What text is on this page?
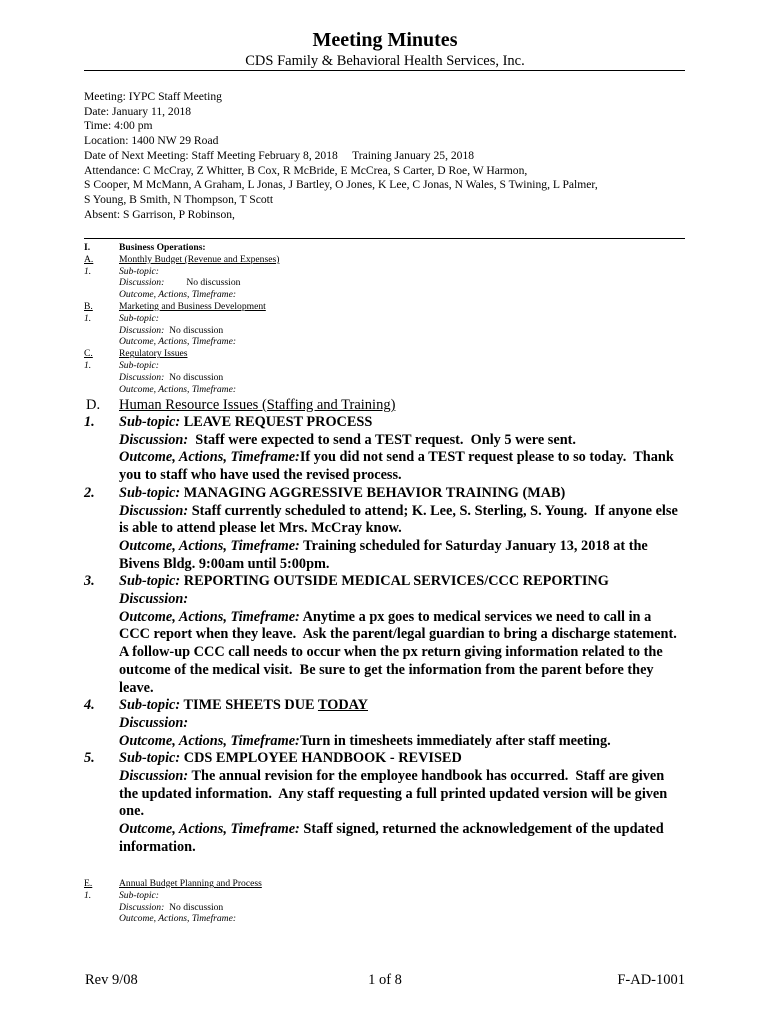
Meeting Minutes
CDS Family & Behavioral Health Services, Inc.
Meeting: IYPC Staff Meeting
Date: January 11, 2018
Time: 4:00 pm
Location: 1400 NW 29 Road
Date of Next Meeting: Staff Meeting February 8, 2018     Training January 25, 2018
Attendance: C McCray, Z Whitter, B Cox, R McBride, E McCrea, S Carter, D Roe, W Harmon,
S Cooper, M McMann, A Graham, L Jonas, J Bartley, O Jones, K Lee, C Jonas, N Wales, S Twining, L Palmer,
S Young, B Smith, N Thompson, T Scott
Absent: S Garrison, P Robinson,
I.	Business Operations:
A.	Monthly Budget (Revenue and Expenses)
1.	Sub-topic:
Discussion: No discussion
Outcome, Actions, Timeframe:
B.	Marketing and Business Development
1.	Sub-topic:
Discussion: No discussion
Outcome, Actions, Timeframe:
C.	Regulatory Issues
1.	Sub-topic:
Discussion: No discussion
Outcome, Actions, Timeframe:
D. Human Resource Issues (Staffing and Training)
1. Sub-topic: LEAVE REQUEST PROCESS

Discussion: Staff were expected to send a TEST request.  Only 5 were sent.

Outcome, Actions, Timeframe:If you did not send a TEST request please to so today.  Thank you to staff who have used the revised process.

2. Sub-topic: MANAGING AGGRESSIVE BEHAVIOR TRAINING (MAB)

Discussion: Staff currently scheduled to attend; K. Lee, S. Sterling, S. Young.  If anyone else is able to attend please let Mrs. McCray know.

Outcome, Actions, Timeframe: Training scheduled for Saturday January 13, 2018 at the Bivens Bldg. 9:00am until 5:00pm.

3. Sub-topic: REPORTING OUTSIDE MEDICAL SERVICES/CCC REPORTING

Discussion:

Outcome, Actions, Timeframe: Anytime a px goes to medical services we need to call in a CCC report when they leave.  Ask the parent/legal guardian to bring a discharge statement.  A follow-up CCC call needs to occur when the px return giving information related to the outcome of the medical visit.  Be sure to get the information from the parent before they leave.

4. Sub-topic: TIME SHEETS DUE TODAY

Discussion:

Outcome, Actions, Timeframe:Turn in timesheets immediately after staff meeting.

5. Sub-topic: CDS EMPLOYEE HANDBOOK - REVISED

Discussion: The annual revision for the employee handbook has occurred.  Staff are given the updated information.  Any staff requesting a full printed updated version will be given one.

Outcome, Actions, Timeframe: Staff signed, returned the acknowledgement of the updated information.

E.	Annual Budget Planning and Process
1.	Sub-topic:
Discussion: No discussion
Outcome, Actions, Timeframe:
Rev 9/08	1 of 8	F-AD-1001
